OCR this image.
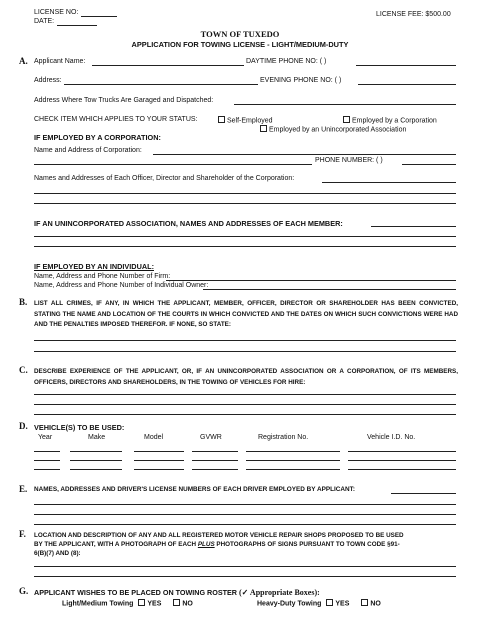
LICENSE NO:
DATE:
LICENSE FEE: $500.00
TOWN OF TUXEDO
APPLICATION FOR TOWING LICENSE - LIGHT/MEDIUM-DUTY
A. Applicant Name:	DAYTIME PHONE NO: ( )
Address:	EVENING PHONE NO: ( )
Address Where Tow Trucks Are Garaged and Dispatched:
CHECK ITEM WHICH APPLIES TO YOUR STATUS:	Self-Employed	Employed by a Corporation
Employed by an Unincorporated Association
IF EMPLOYED BY A CORPORATION:
Name and Address of Corporation:
PHONE NUMBER: ( )
Names and Addresses of Each Officer, Director and Shareholder of the Corporation:
IF AN UNINCORPORATED ASSOCIATION, NAMES AND ADDRESSES OF EACH MEMBER:
IF EMPLOYED BY AN INDIVIDUAL:
Name, Address and Phone Number of Firm:
Name, Address and Phone Number of Individual Owner:
B. LIST ALL CRIMES, IF ANY, IN WHICH THE APPLICANT, MEMBER, OFFICER, DIRECTOR OR SHAREHOLDER HAS BEEN CONVICTED, STATING THE NAME AND LOCATION OF THE COURTS IN WHICH CONVICTED AND THE DATES ON WHICH SUCH CONVICTIONS WERE HAD AND THE PENALTIES IMPOSED THEREFOR. IF NONE, SO STATE:
C. DESCRIBE EXPERIENCE OF THE APPLICANT, OR, IF AN UNINCORPORATED ASSOCIATION OR A CORPORATION, OF ITS MEMBERS, OFFICERS, DIRECTORS AND SHAREHOLDERS, IN THE TOWING OF VEHICLES FOR HIRE:
D. VEHICLE(S) TO BE USED:
Year	Make	Model	GVWR	Registration No.	Vehicle I.D. No.
E. NAMES, ADDRESSES AND DRIVER'S LICENSE NUMBERS OF EACH DRIVER EMPLOYED BY APPLICANT:
F. LOCATION AND DESCRIPTION OF ANY AND ALL REGISTERED MOTOR VEHICLE REPAIR SHOPS PROPOSED TO BE USED
BY THE APPLICANT, WITH A PHOTOGRAPH OF EACH PLUS PHOTOGRAPHS OF SIGNS PURSUANT TO TOWN CODE §91-
6(B)(7) AND (8):
G. APPLICANT WISHES TO BE PLACED ON TOWING ROSTER (✓ Appropriate Boxes):
Light/Medium Towing YES	NO	Heavy-Duty Towing YES	NO
